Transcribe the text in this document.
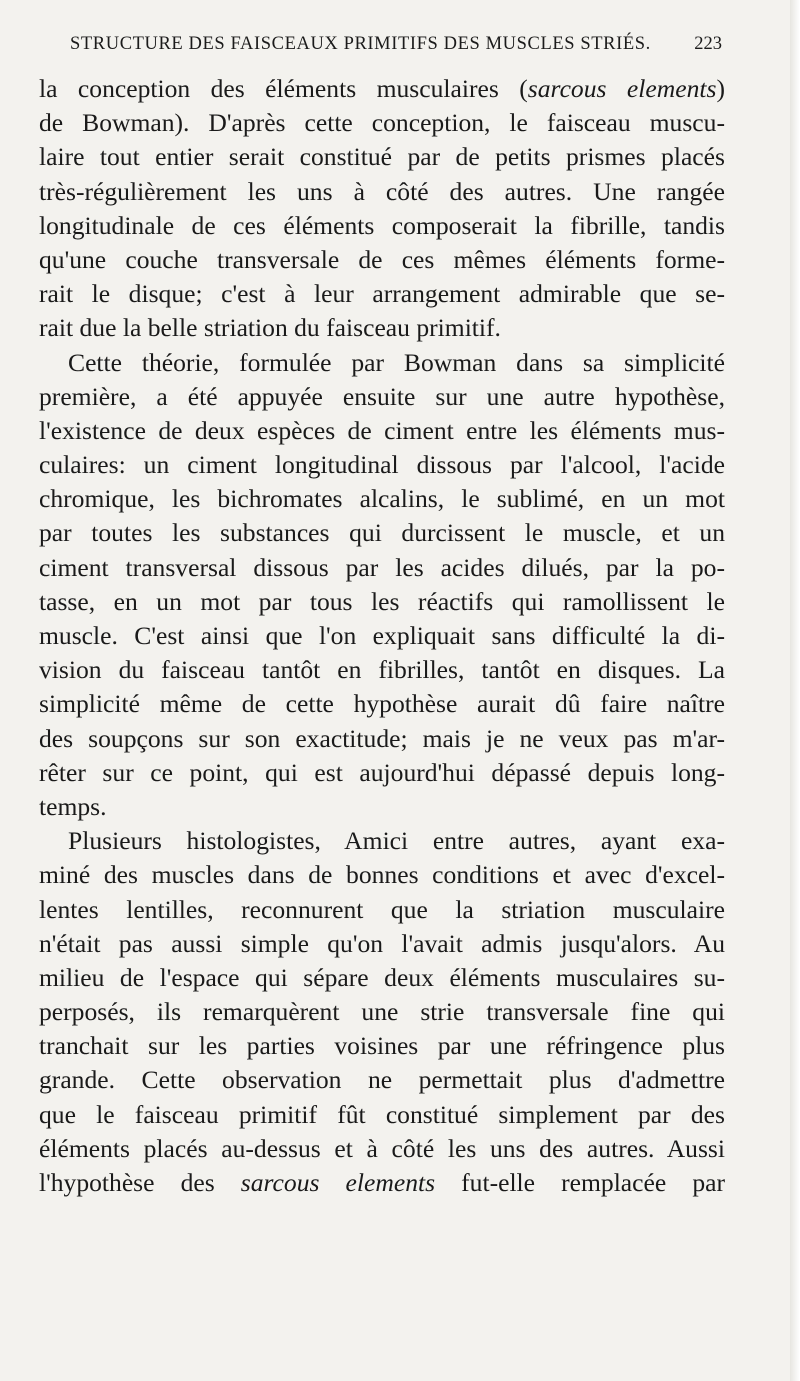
STRUCTURE DES FAISCEAUX PRIMITIFS DES MUSCLES STRIÉS. 223
la conception des éléments musculaires (sarcous elements)
de Bowman). D'après cette conception, le faisceau muscu-
laire tout entier serait constitué par de petits prismes placés
très-régulièrement les uns à côté des autres. Une rangée
longitudinale de ces éléments composerait la fibrille, tandis
qu'une couche transversale de ces mêmes éléments forme-
rait le disque; c'est à leur arrangement admirable que se-
rait due la belle striation du faisceau primitif.
Cette théorie, formulée par Bowman dans sa simplicité
première, a été appuyée ensuite sur une autre hypothèse,
l'existence de deux espèces de ciment entre les éléments mus-
culaires: un ciment longitudinal dissous par l'alcool, l'acide
chromique, les bichromates alcalins, le sublimé, en un mot
par toutes les substances qui durcissent le muscle, et un
ciment transversal dissous par les acides dilués, par la po-
tasse, en un mot par tous les réactifs qui ramollissent le
muscle. C'est ainsi que l'on expliquait sans difficulté la di-
vision du faisceau tantôt en fibrilles, tantôt en disques. La
simplicité même de cette hypothèse aurait dû faire naître
des soupçons sur son exactitude; mais je ne veux pas m'ar-
rêter sur ce point, qui est aujourd'hui dépassé depuis long-
temps.
Plusieurs histologistes, Amici entre autres, ayant exa-
miné des muscles dans de bonnes conditions et avec d'excel-
lentes lentilles, reconnurent que la striation musculaire
n'était pas aussi simple qu'on l'avait admis jusqu'alors. Au
milieu de l'espace qui sépare deux éléments musculaires su-
perposés, ils remarquèrent une strie transversale fine qui
tranchait sur les parties voisines par une réfringence plus
grande. Cette observation ne permettait plus d'admettre
que le faisceau primitif fût constitué simplement par des
éléments placés au-dessus et à côté les uns des autres. Aussi
l'hypothèse des sarcous elements fut-elle remplacée par
